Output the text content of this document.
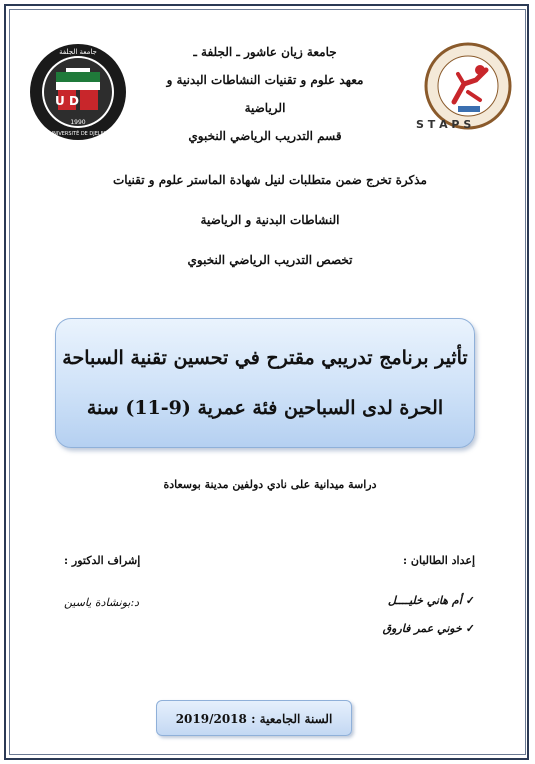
U D
جامعة الجلفة
1990
UNIVERSITÉ DE DJELFA
جامعة زيان عاشور ـ الجلفة ـ
معهد علوم و تقنيات النشاطات البدنية و الرياضية
قسم التدريب الرياضي النخبوي
S T A P S
مذكرة تخرج ضمن متطلبات لنيل شهادة الماستر علوم و تقنيات
النشاطات البدنية و الرياضية
تخصص التدريب الرياضي النخبوي
تأثير برنامج تدريبي مقترح في تحسين تقنية السباحة
الحرة لدى السباحين فئة عمرية (9-11) سنة
دراسة ميدانية على نادي دولفين مدينة بوسعادة
إعداد الطالبان :
✓أم هاني خليــــل
✓خوني عمر فاروق
إشراف الدكتور :
د:بونشادة ياسين
السنة الجامعية : 2019/2018
